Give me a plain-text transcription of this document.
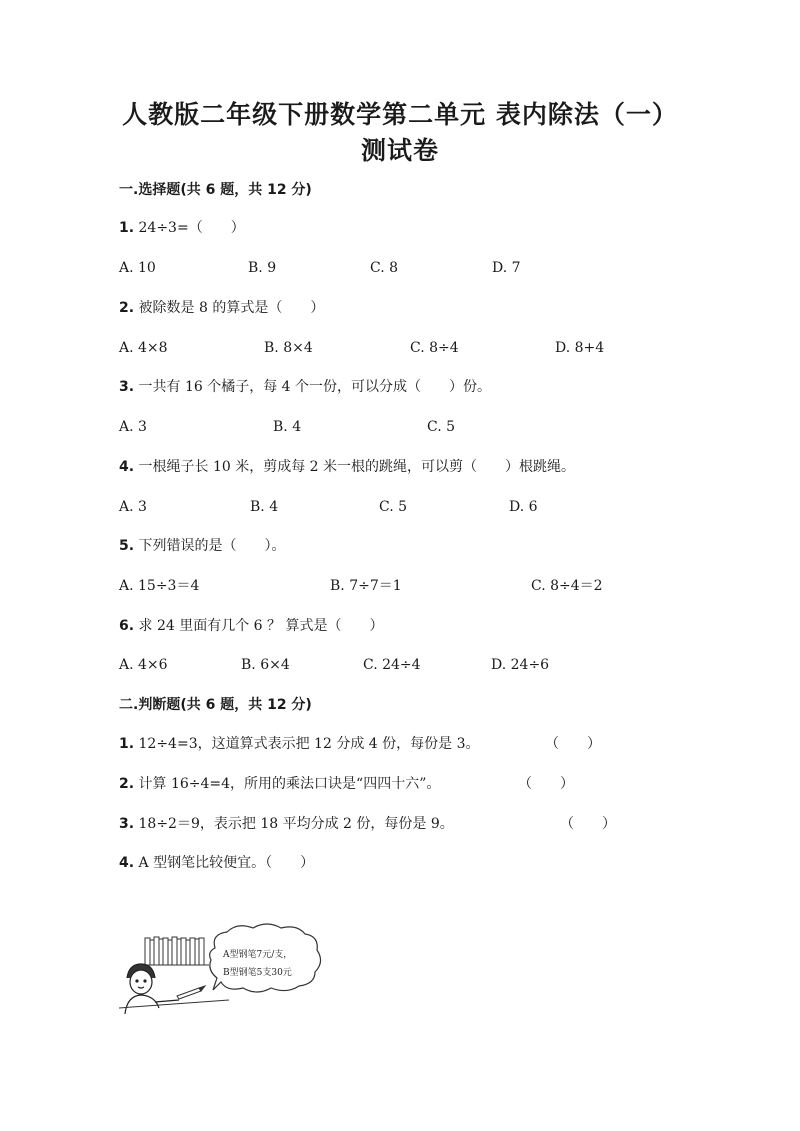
人教版二年级下册数学第二单元 表内除法（一）
测试卷
一.选择题(共 6 题，共 12 分)
1. 24÷3=（　　）
A. 10	B. 9	C. 8	D. 7
2. 被除数是 8 的算式是（　　）
A. 4×8	B. 8×4	C. 8÷4	D. 8+4
3. 一共有 16 个橘子，每 4 个一份，可以分成（　　）份。
A. 3	B. 4	C. 5
4. 一根绳子长 10 米，剪成每 2 米一根的跳绳，可以剪（　　）根跳绳。
A. 3	B. 4	C. 5	D. 6
5. 下列错误的是（　　）。
A. 15÷3＝4	B. 7÷7＝1	C. 8÷4＝2
6. 求 24 里面有几个 6 ？ 算式是（　　）
A. 4×6	B. 6×4	C. 24÷4	D. 24÷6
二.判断题(共 6 题，共 12 分)
1. 12÷4=3，这道算式表示把 12 分成 4 份，每份是 3。	（　　）
2. 计算 16÷4=4，所用的乘法口诀是“四四十六”。	（　　）
3. 18÷2＝9，表示把 18 平均分成 2 份，每份是 9。	（　　）
4. A 型钢笔比较便宜。（　　）
A型钢笔7元/支，
B型钢笔5支30元
